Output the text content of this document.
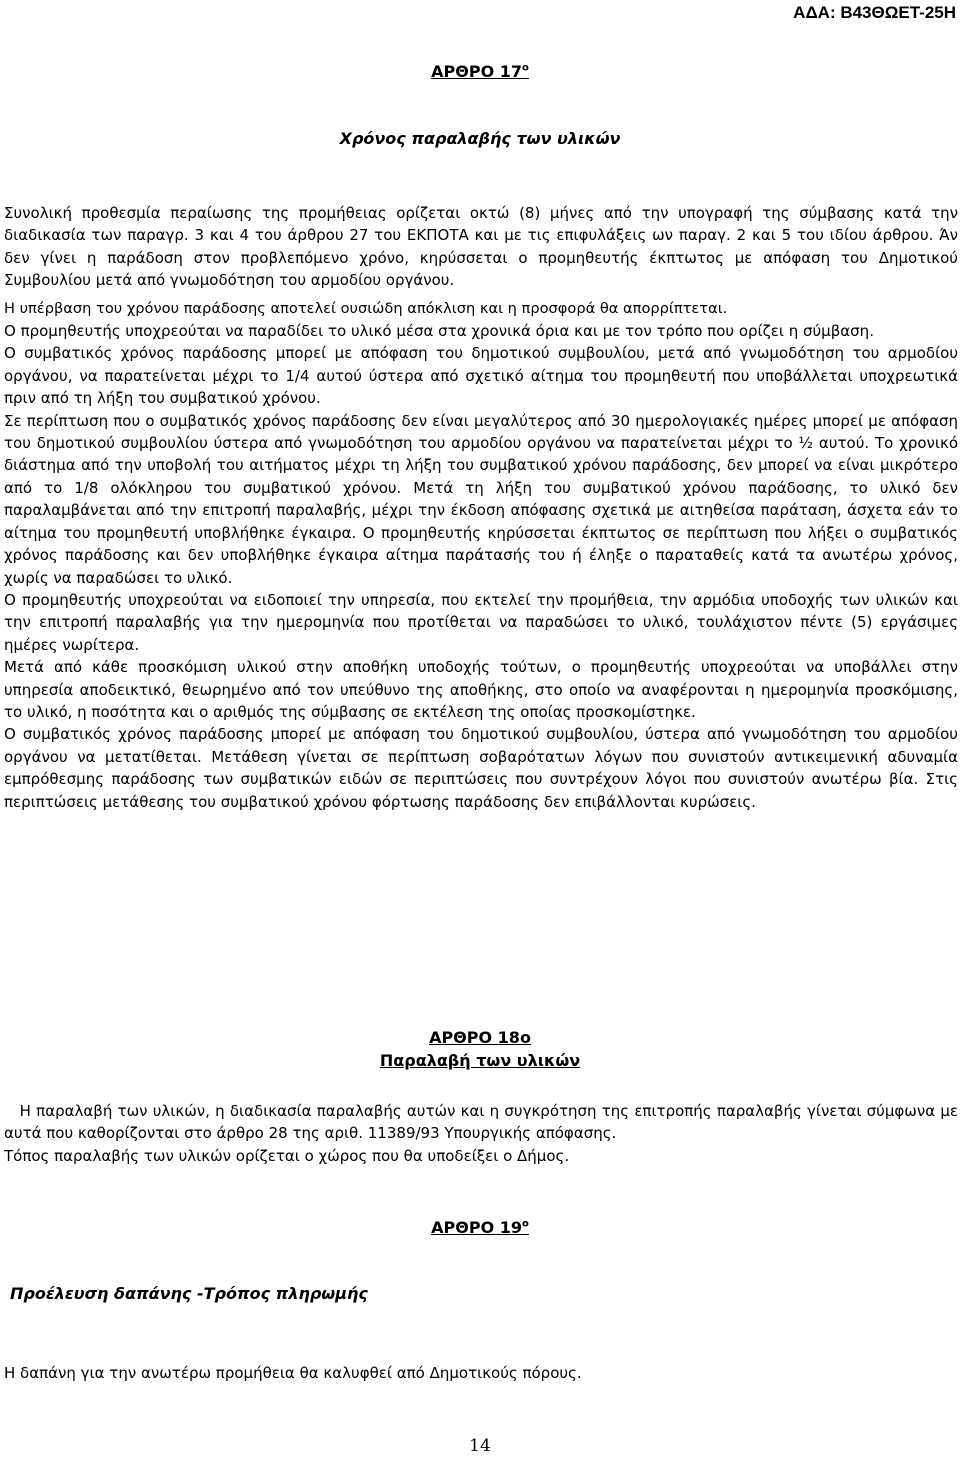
ΑΔΑ: Β43ΘΩΕΤ-25Η
ΑΡΘΡΟ $17^o$
Χρόνος παραλαβής των υλικών

Συνολική προθεσμία περαίωσης της προμήθειας ορίζεται οκτώ (8) μήνες από την υπογραφή της σύμβασης κατά την διαδικασία των παραγρ. 3 και 4 του άρθρου 27 του ΕΚΠΟΤΑ και με τις επιφυλάξεις ων παραγ. 2 και 5 του ιδίου άρθρου. Άν δεν γίνει η παράδοση στον προβλεπόμενο χρόνο, κηρύσσεται ο προμηθευτής έκπτωτος με απόφαση του Δημοτικού Συμβουλίου μετά από γνωμοδότηση του αρμοδίου οργάνου.

Η υπέρβαση του χρόνου παράδοσης αποτελεί ουσιώδη απόκλιση και η προσφορά θα απορρίπτεται.

Ο προμηθευτής υποχρεούται να παραδίδει το υλικό μέσα στα χρονικά όρια και με τον τρόπο που ορίζει η σύμβαση.

Ο συμβατικός χρόνος παράδοσης μπορεί με απόφαση του δημοτικού συμβουλίου, μετά από γνωμοδότηση του αρμοδίου οργάνου, να παρατείνεται μέχρι το 1/4 αυτού ύστερα από σχετικό αίτημα του προμηθευτή που υποβάλλεται υποχρεωτικά πριν από τη λήξη του συμβατικού χρόνου.

Σε περίπτωση που ο συμβατικός χρόνος παράδοσης δεν είναι μεγαλύτερος από 30 ημερολογιακές ημέρες μπορεί με απόφαση του δημοτικού συμβουλίου ύστερα από γνωμοδότηση του αρμοδίου οργάνου να παρατείνεται μέχρι το ½ αυτού. Το χρονικό διάστημα από την υποβολή του αιτήματος μέχρι τη λήξη του συμβατικού χρόνου παράδοσης, δεν μπορεί να είναι μικρότερο από το 1/8 ολόκληρου του συμβατικού χρόνου. Μετά τη λήξη του συμβατικού χρόνου παράδοσης, το υλικό δεν παραλαμβάνεται από την επιτροπή παραλαβής, μέχρι την έκδοση απόφασης σχετικά με αιτηθείσα παράταση, άσχετα εάν το αίτημα του προμηθευτή υποβλήθηκε έγκαιρα. Ο προμηθευτής κηρύσσεται έκπτωτος σε περίπτωση που λήξει ο συμβατικός χρόνος παράδοσης και δεν υποβλήθηκε έγκαιρα αίτημα παράτασής του ή έληξε ο παραταθείς κατά τα ανωτέρω χρόνος, χωρίς να παραδώσει το υλικό.

Ο προμηθευτής υποχρεούται να ειδοποιεί την υπηρεσία, που εκτελεί την προμήθεια, την αρμόδια υποδοχής των υλικών και την επιτροπή παραλαβής για την ημερομηνία που προτίθεται να παραδώσει το υλικό, τουλάχιστον πέντε (5) εργάσιμες ημέρες νωρίτερα.

Μετά από κάθε προσκόμιση υλικού στην αποθήκη υποδοχής τούτων, ο προμηθευτής υποχρεούται να υποβάλλει στην υπηρεσία αποδεικτικό, θεωρημένο από τον υπεύθυνο της αποθήκης, στο οποίο να αναφέρονται η ημερομηνία προσκόμισης, το υλικό, η ποσότητα και ο αριθμός της σύμβασης σε εκτέλεση της οποίας προσκομίστηκε.

Ο συμβατικός χρόνος παράδοσης μπορεί με απόφαση του δημοτικού συμβουλίου, ύστερα από γνωμοδότηση του αρμοδίου οργάνου να μετατίθεται. Μετάθεση γίνεται σε περίπτωση σοβαρότατων λόγων που συνιστούν αντικειμενική αδυναμία εμπρόθεσμης παράδοσης των συμβατικών ειδών σε περιπτώσεις που συντρέχουν λόγοι που συνιστούν ανωτέρω βία. Στις περιπτώσεις μετάθεσης του συμβατικού χρόνου φόρτωσης παράδοσης δεν επιβάλλονται κυρώσεις.

ΑΡΘΡΟ 18ο
Παραλαβή των υλικών

Η παραλαβή των υλικών, η διαδικασία παραλαβής αυτών και η συγκρότηση της επιτροπής παραλαβής γίνεται σύμφωνα με αυτά που καθορίζονται στο άρθρο 28 της αριθ. 11389/93 Υπουργικής απόφασης.

Τόπος παραλαβής των υλικών ορίζεται ο χώρος που θα υποδείξει ο Δήμος.

ΑΡΘΡΟ $19^o$
Προέλευση δαπάνης -Τρόπος πληρωμής

Η δαπάνη για την ανωτέρω προμήθεια θα καλυφθεί από Δημοτικούς πόρους.

14
